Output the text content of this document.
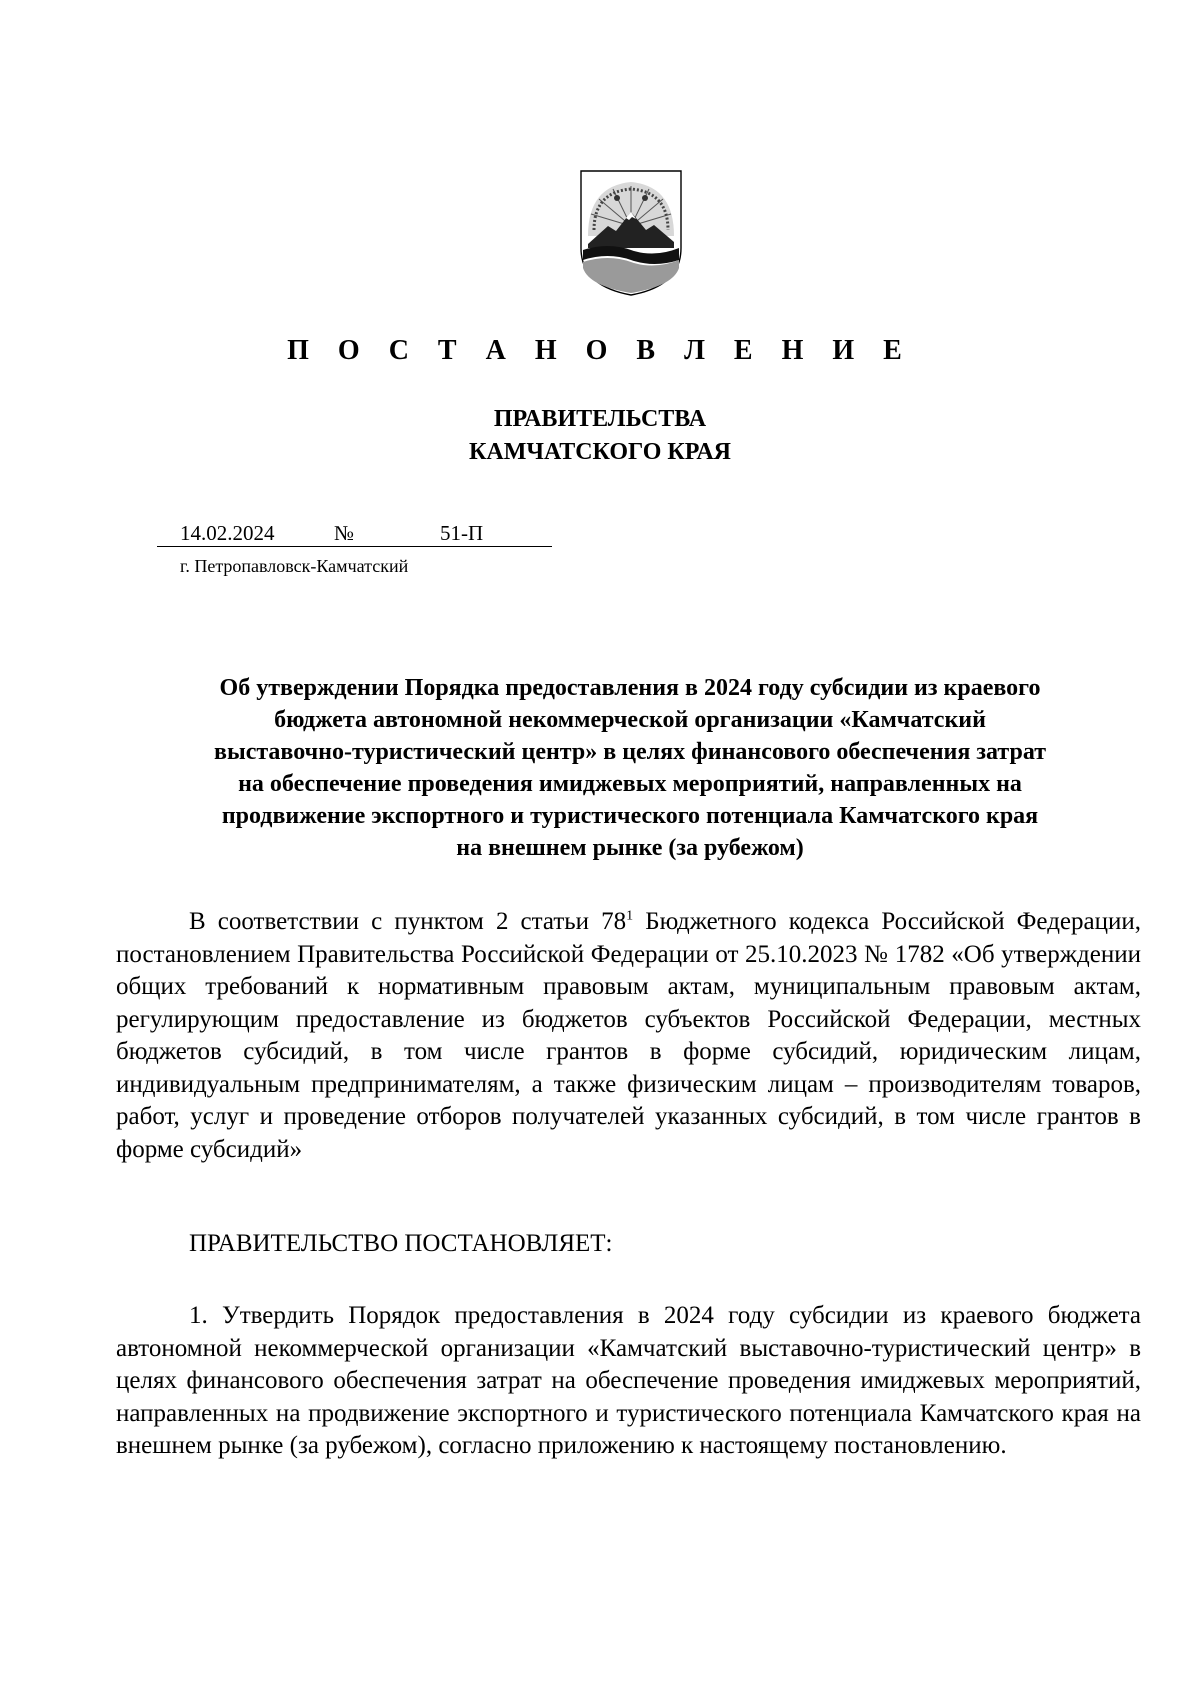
П О С Т А Н О В Л Е Н И Е
ПРАВИТЕЛЬСТВА
КАМЧАТСКОГО КРАЯ
14.02.2024	№	51-П
г. Петропавловск-Камчатский
Об утверждении Порядка предоставления в 2024 году субсидии из краевого
бюджета автономной некоммерческой организации «Камчатский
выставочно-туристический центр» в целях финансового обеспечения затрат
на обеспечение проведения имиджевых мероприятий, направленных на
продвижение экспортного и туристического потенциала Камчатского края
на внешнем рынке (за рубежом)

В соответствии с пунктом 2 статьи $78^1$ Бюджетного кодекса Российской Федерации, постановлением Правительства Российской Федерации от 25.10.2023 № 1782 «Об утверждении общих требований к нормативным правовым актам, муниципальным правовым актам, регулирующим предоставление из бюджетов субъектов Российской Федерации, местных бюджетов субсидий, в том числе грантов в форме субсидий, юридическим лицам, индивидуальным предпринимателям, а также физическим лицам – производителям товаров, работ, услуг и проведение отборов получателей указанных субсидий, в том числе грантов в форме субсидий»

ПРАВИТЕЛЬСТВО ПОСТАНОВЛЯЕТ:

1. Утвердить Порядок предоставления в 2024 году субсидии из краевого бюджета автономной некоммерческой организации «Камчатский выставочно-туристический центр» в целях финансового обеспечения затрат на обеспечение проведения имиджевых мероприятий, направленных на продвижение экспортного и туристического потенциала Камчатского края на внешнем рынке (за рубежом), согласно приложению к настоящему постановлению.
